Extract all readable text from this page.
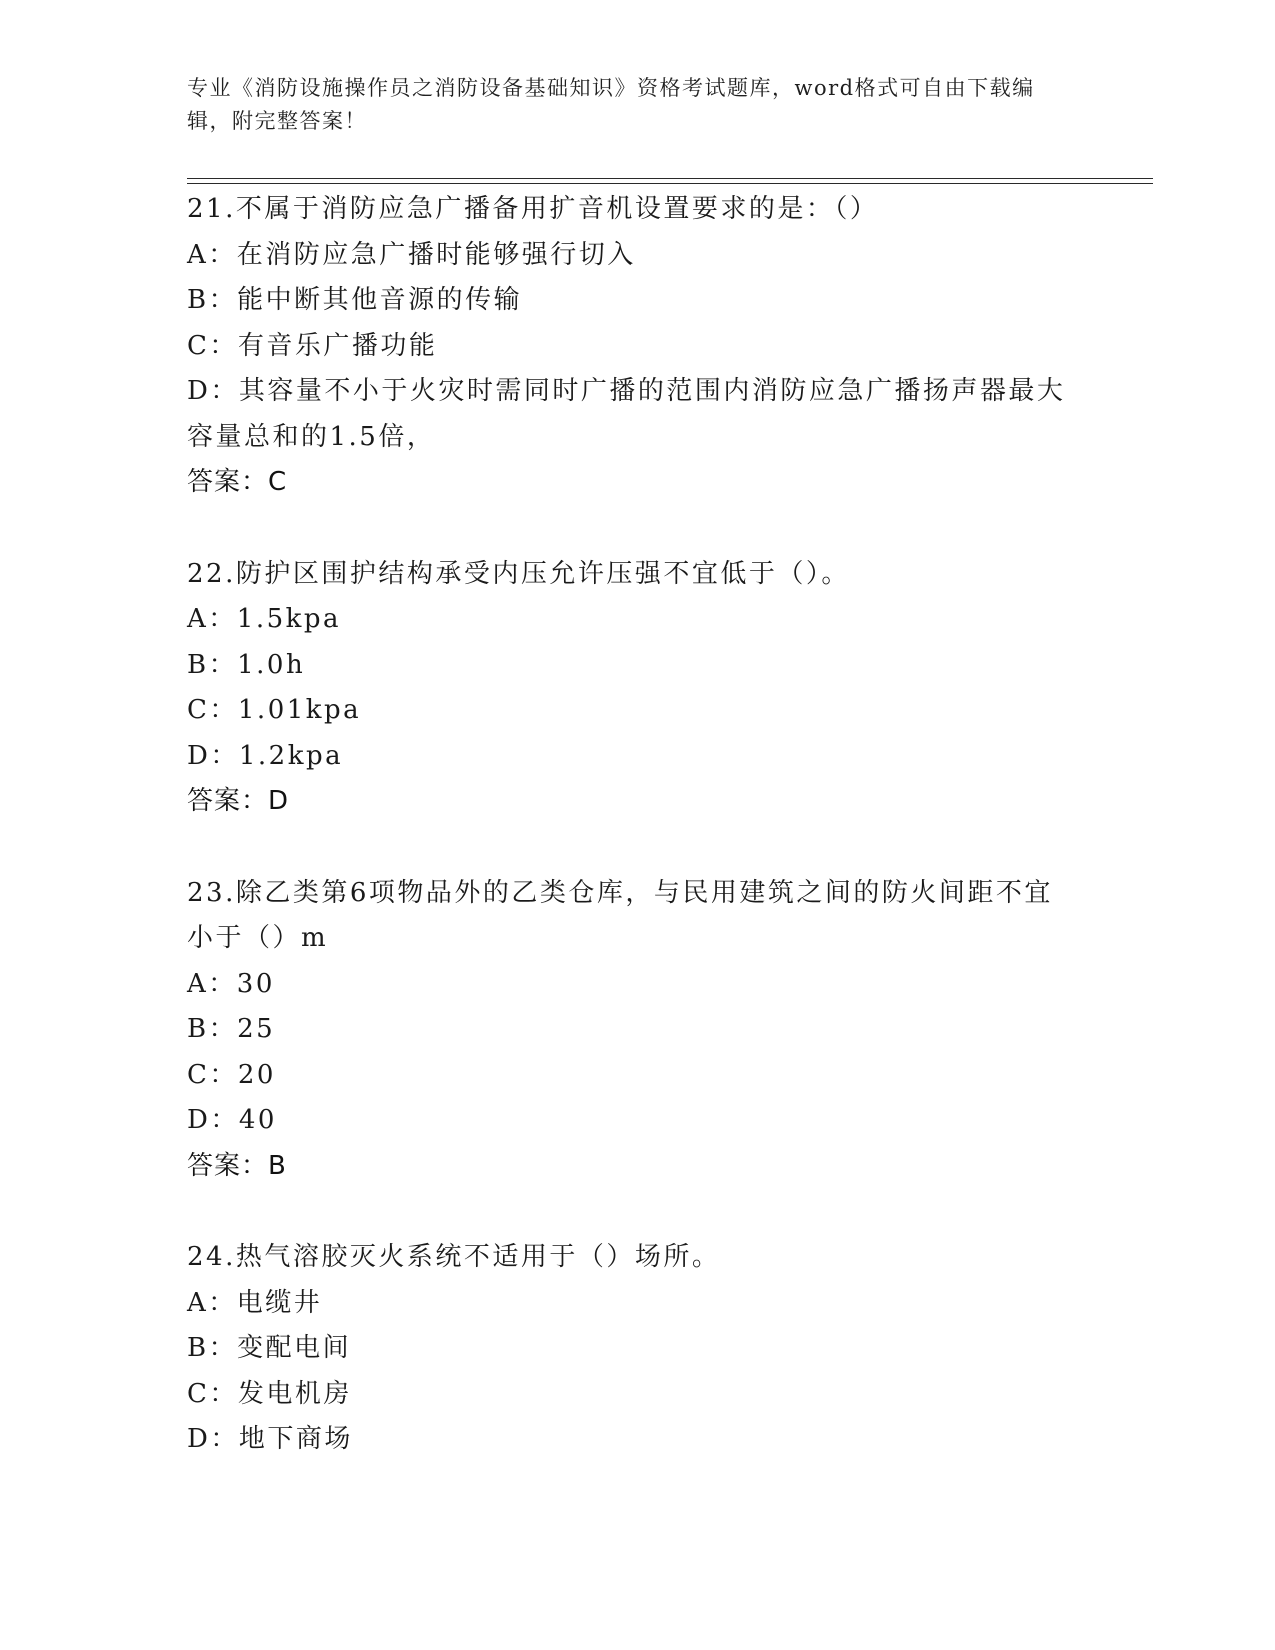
专业《消防设施操作员之消防设备基础知识》资格考试题库，word格式可自由下载编辑，附完整答案！
21.不属于消防应急广播备用扩音机设置要求的是：（）
A：在消防应急广播时能够强行切入
B：能中断其他音源的传输
C：有音乐广播功能
D：其容量不小于火灾时需同时广播的范围内消防应急广播扬声器最大
容量总和的1.5倍，
答案：C
22.防护区围护结构承受内压允许压强不宜低于（）。
A：1.5kpa
B：1.0h
C：1.01kpa
D：1.2kpa
答案：D
23.除乙类第6项物品外的乙类仓库，与民用建筑之间的防火间距不宜
小于（）m
A：30
B：25
C：20
D：40
答案：B
24.热气溶胶灭火系统不适用于（）场所。
A：电缆井
B：变配电间
C：发电机房
D：地下商场
